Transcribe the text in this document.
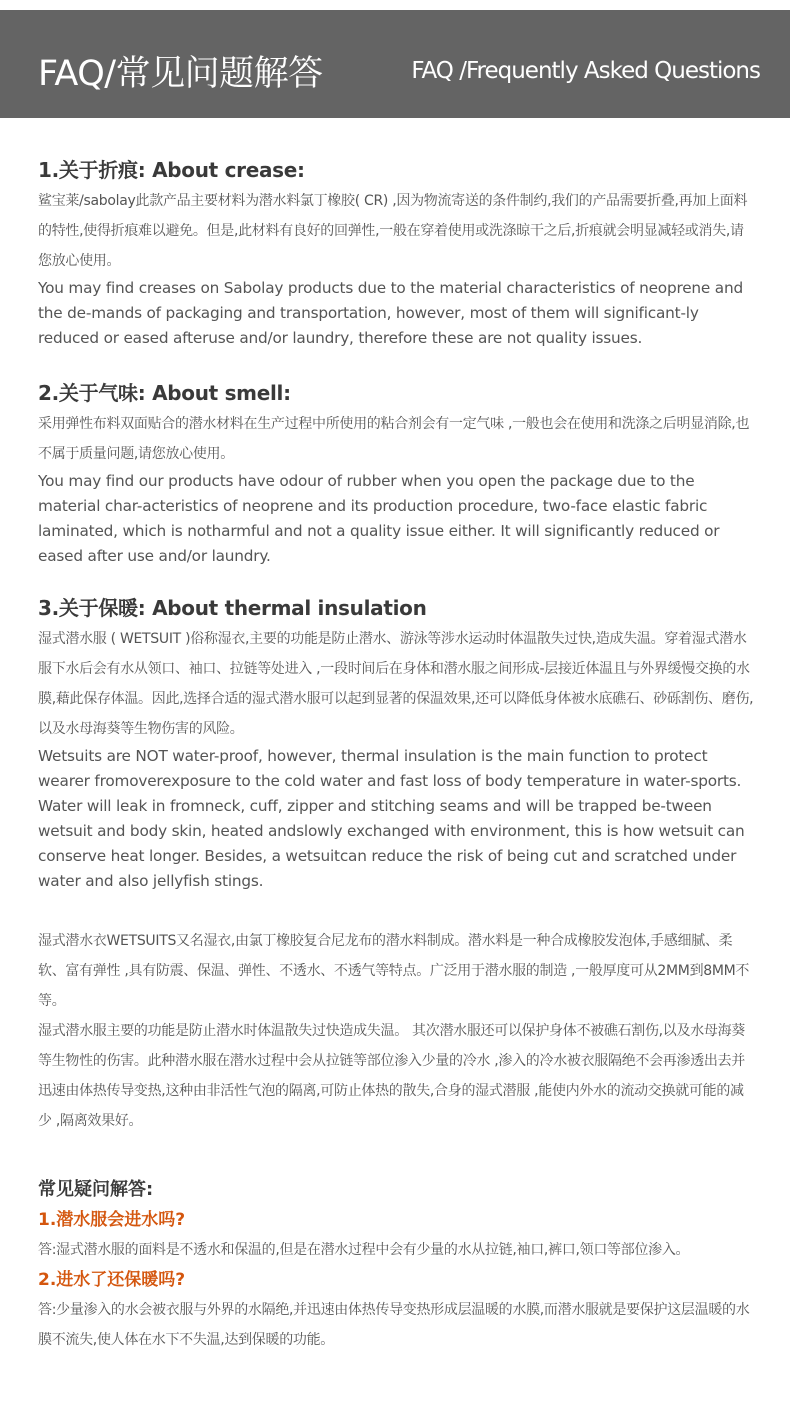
FAQ/常见问题解答	FAQ /Frequently Asked Questions
1.关于折痕: About crease:

鲨宝莱/sabolay此款产品主要材料为潜水料氯丁橡胶( CR) ,因为物流寄送的条件制约,我们的产品需要折叠,再加上面料的特性,使得折痕难以避免。但是,此材料有良好的回弹性,一般在穿着使用或洗涤晾干之后,折痕就会明显减轻或消失,请您放心使用。

You may find creases on Sabolay products due to the material characteristics of neoprene and the de-mands of packaging and transportation, however, most of them will significant-ly reduced or eased afteruse and/or laundry, therefore these are not quality issues.

2.关于气味: About smell:

采用弹性布料双面贴合的潜水材料在生产过程中所使用的粘合剂会有一定气味 ,一般也会在使用和洗涤之后明显消除,也不属于质量问题,请您放心使用。

You may find our products have odour of rubber when you open the package due to the material char-acteristics of neoprene and its production procedure, two-face elastic fabric laminated, which is notharmful and not a quality issue either. It will significantly reduced or eased after use and/or laundry.

3.关于保暖: About thermal insulation

湿式潜水服 ( WETSUIT )俗称湿衣,主要的功能是防止潜水、游泳等涉水运动时体温散失过快,造成失温。穿着湿式潜水服下水后会有水从领口、袖口、拉链等处进入 ,一段时间后在身体和潜水服之间形成-层接近体温且与外界缓慢交换的水膜,藉此保存体温。因此,选择合适的湿式潜水服可以起到显著的保温效果,还可以降低身体被水底礁石、砂砾割伤、磨伤,以及水母海葵等生物伤害的风险。

Wetsuits are NOT water-proof, however, thermal insulation is the main function to protect wearer fromoverexposure to the cold water and fast loss of body temperature in water-sports. Water will leak in fromneck, cuff, zipper and stitching seams and will be trapped be-tween wetsuit and body skin, heated andslowly exchanged with environment, this is how wetsuit can conserve heat longer. Besides, a wetsuitcan reduce the risk of being cut and scratched under water and also jellyfish stings.

湿式潜水衣WETSUITS又名湿衣,由氯丁橡胶复合尼龙布的潜水料制成。潜水料是一种合成橡胶发泡体,手感细腻、柔软、富有弹性 ,具有防震、保温、弹性、不透水、不透气等特点。广泛用于潜水服的制造 ,一般厚度可从2MM到8MM不等。

湿式潜水服主要的功能是防止潜水时体温散失过快造成失温。 其次潜水服还可以保护身体不被礁石割伤,以及水母海葵等生物性的伤害。此种潜水服在潜水过程中会从拉链等部位渗入少量的冷水 ,渗入的冷水被衣服隔绝不会再渗透出去并迅速由体热传导变热,这种由非活性气泡的隔离,可防止体热的散失,合身的湿式潜服 ,能使内外水的流动交换就可能的减少 ,隔离效果好。

常见疑问解答:
1.潜水服会进水吗?

答:湿式潜水服的面料是不透水和保温的,但是在潜水过程中会有少量的水从拉链,袖口,裤口,领口等部位渗入。

2.进水了还保暖吗?

答:少量渗入的水会被衣服与外界的水隔绝,并迅速由体热传导变热形成层温暖的水膜,而潜水服就是要保护这层温暖的水膜不流失,使人体在水下不失温,达到保暖的功能。
